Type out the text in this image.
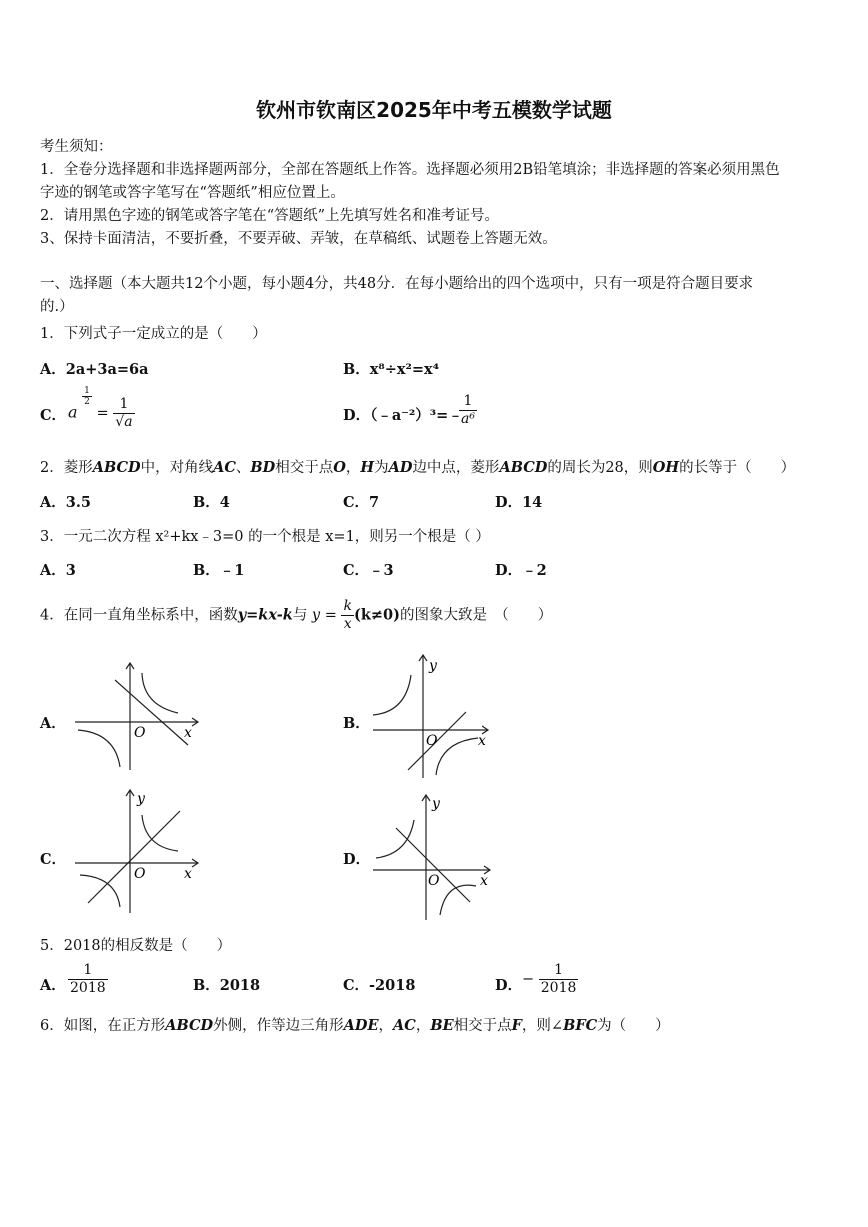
钦州市钦南区2025年中考五模数学试题
考生须知：
1．全卷分选择题和非选择题两部分，全部在答题纸上作答。选择题必须用2B铅笔填涂；非选择题的答案必须用黑色
字迹的钢笔或答字笔写在“答题纸”相应位置上。
2．请用黑色字迹的钢笔或答字笔在“答题纸”上先填写姓名和准考证号。
3、保持卡面清洁，不要折叠，不要弄破、弄皱，在草稿纸、试题卷上答题无效。
一、选择题（本大题共12个小题，每小题4分，共48分．在每小题给出的四个选项中，只有一项是符合题目要求
的.）
1．下列式子一定成立的是（　　）
A．2a+3a=6a	B．x⁸÷x²=x⁴
C． a
$\frac{1}{2}$
= $\frac{1}{√a}$	D．（﹣a⁻²）³=﹣
$\frac{1}{\text{a⁶}}$
2．菱形ABCD中，对角线AC、BD相交于点O，H为AD边中点，菱形ABCD的周长为28，则OH的长等于（　　）
A．3.5	B．4	C．7	D．14
3．一元二次方程 x²+kx﹣3=0 的一个根是 x=1，则另一个根是（ ）
A．3	B．﹣1	C．﹣3	D．﹣2
4．在同一直角坐标系中，函数y=kx-k与 $y = \frac{k}{x} (k\ne 0)$的图象大致是　（　　）
A．	B．
C．	D．
O	x
y
O	x
y
O	x
y
O	x
5．2018的相反数是（　　）
A． $\frac{1}{2018}$	B．2018	C．-2018	D． − $\frac{1}{2018}$
6．如图，在正方形ABCD外侧，作等边三角形ADE，AC，BE相交于点F，则∠BFC为（　　）
